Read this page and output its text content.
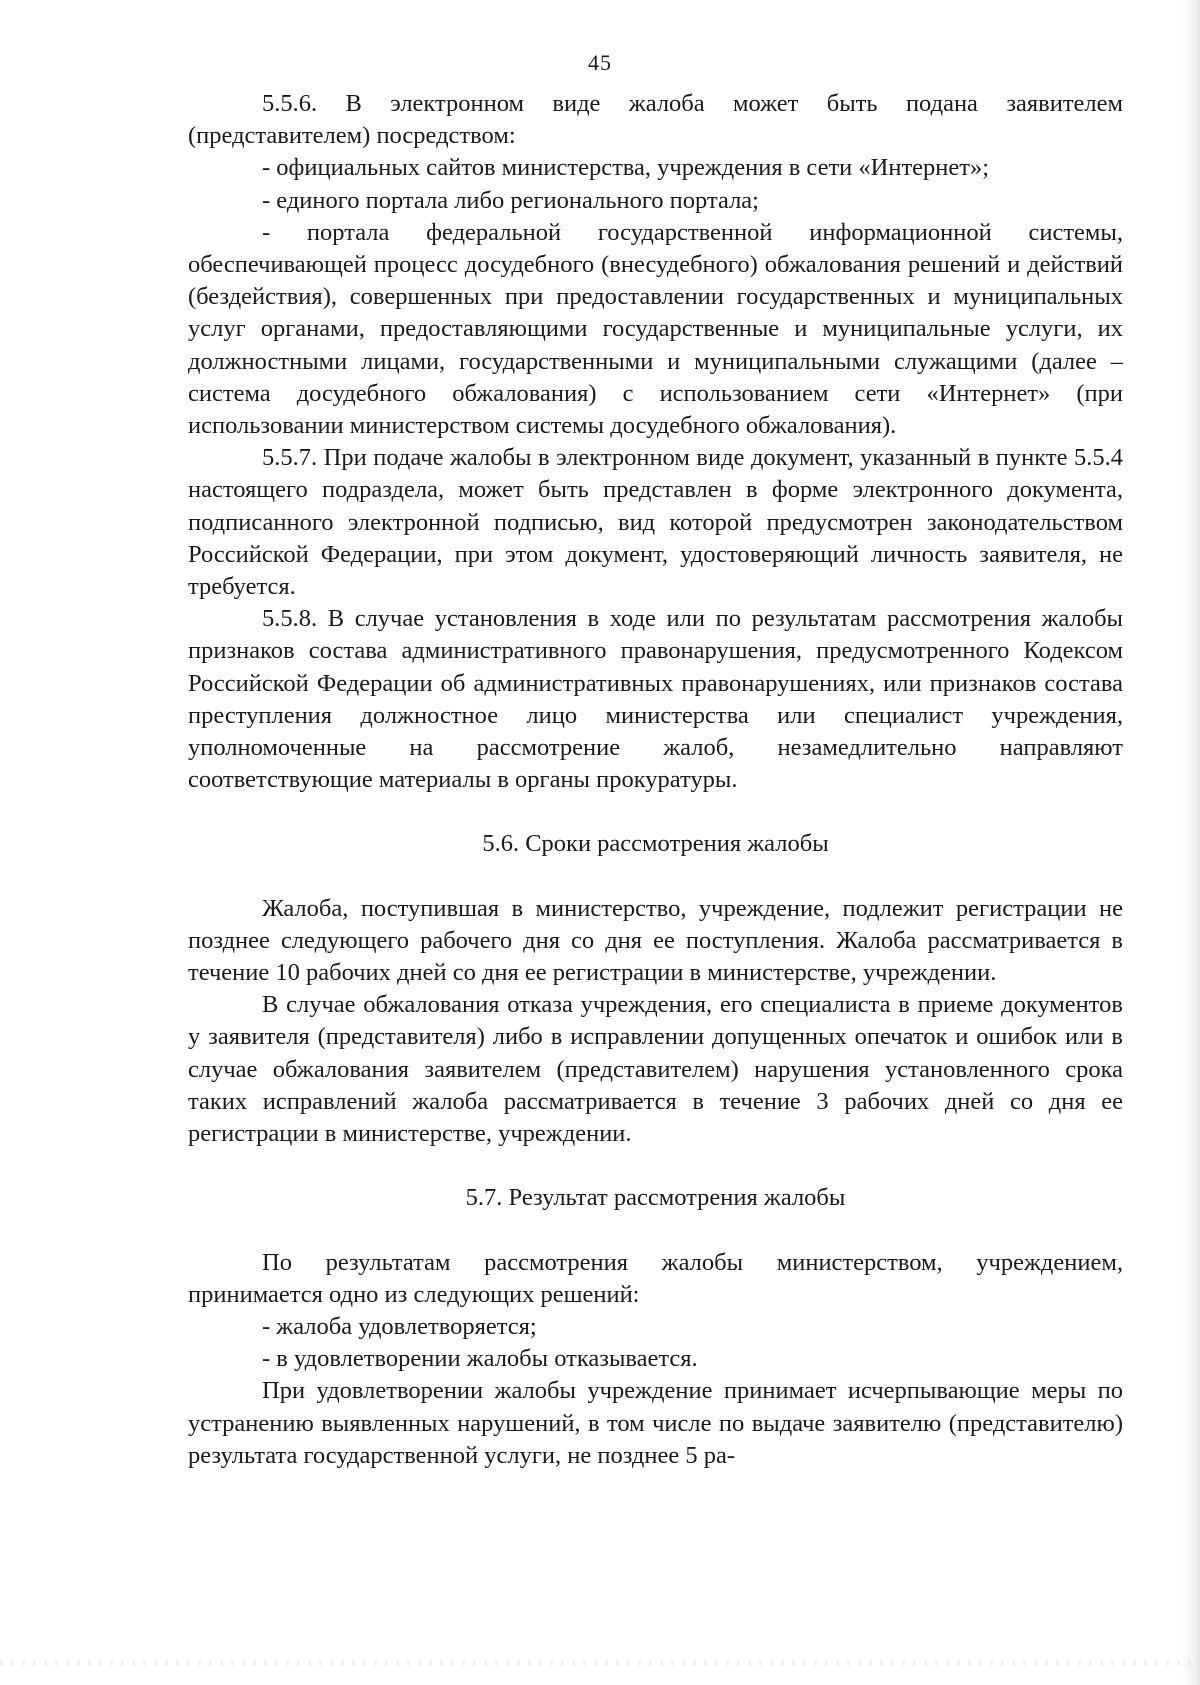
45

5.5.6. В электронном виде жалоба может быть подана заявителем (представителем) посредством:

- официальных сайтов министерства, учреждения в сети «Интернет»;

- единого портала либо регионального портала;

- портала федеральной государственной информационной системы, обеспечивающей процесс досудебного (внесудебного) обжалования решений и действий (бездействия), совершенных при предоставлении государственных и муниципальных услуг органами, предоставляющими государственные и муниципальные услуги, их должностными лицами, государственными и муниципальными служащими (далее – система досудебного обжалования) с использованием сети «Интернет» (при использовании министерством системы досудебного обжалования).

5.5.7. При подаче жалобы в электронном виде документ, указанный в пункте 5.5.4 настоящего подраздела, может быть представлен в форме электронного документа, подписанного электронной подписью, вид которой предусмотрен законодательством Российской Федерации, при этом документ, удостоверяющий личность заявителя, не требуется.

5.5.8. В случае установления в ходе или по результатам рассмотрения жалобы признаков состава административного правонарушения, предусмотренного Кодексом Российской Федерации об административных правонарушениях, или признаков состава преступления должностное лицо министерства или специалист учреждения, уполномоченные на рассмотрение жалоб, незамедлительно направляют соответствующие материалы в органы прокуратуры.

5.6. Сроки рассмотрения жалобы

Жалоба, поступившая в министерство, учреждение, подлежит регистрации не позднее следующего рабочего дня со дня ее поступления. Жалоба рассматривается в течение 10 рабочих дней со дня ее регистрации в министерстве, учреждении.

В случае обжалования отказа учреждения, его специалиста в приеме документов у заявителя (представителя) либо в исправлении допущенных опечаток и ошибок или в случае обжалования заявителем (представителем) нарушения установленного срока таких исправлений жалоба рассматривается в течение 3 рабочих дней со дня ее регистрации в министерстве, учреждении.

5.7. Результат рассмотрения жалобы

По результатам рассмотрения жалобы министерством, учреждением, принимается одно из следующих решений:

- жалоба удовлетворяется;

- в удовлетворении жалобы отказывается.

При удовлетворении жалобы учреждение принимает исчерпывающие меры по устранению выявленных нарушений, в том числе по выдаче заявителю (представителю) результата государственной услуги, не позднее 5 ра-
